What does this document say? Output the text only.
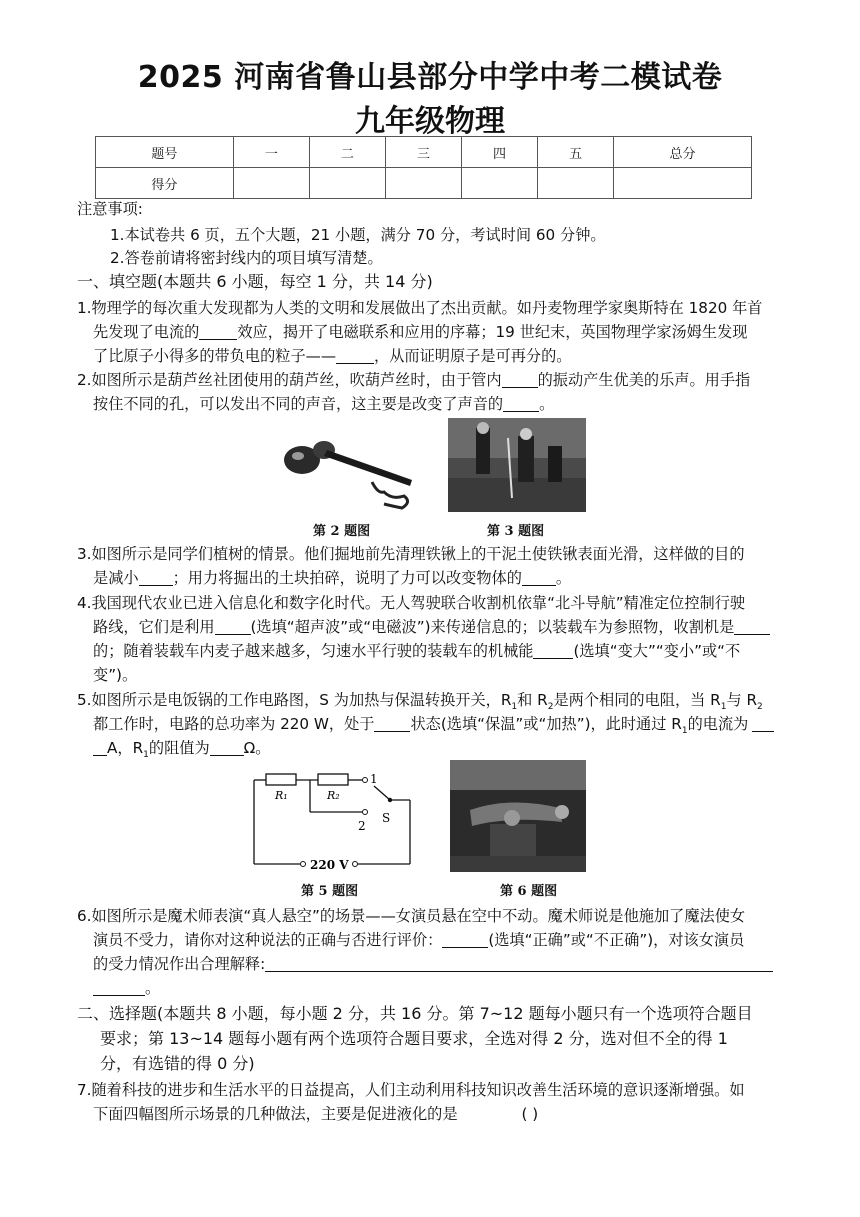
2025 河南省鲁山县部分中学中考二模试卷
九年级物理
题号	一	二	三	四	五	总分
得分						
注意事项:
1.本试卷共 6 页，五个大题，21 小题，满分 70 分，考试时间 60 分钟。
2.答卷前请将密封线内的项目填写清楚。
一、填空题(本题共 6 小题，每空 1 分，共 14 分)
1.物理学的每次重大发现都为人类的文明和发展做出了杰出贡献。如丹麦物理学家奥斯特在 1820 年首
先发现了电流的	效应，揭开了电磁联系和应用的序幕；19 世纪末，英国物理学家汤姆生发现
了比原子小得多的带负电的粒子——	，从而证明原子是可再分的。
2.如图所示是葫芦丝社团使用的葫芦丝，吹葫芦丝时，由于管内 的振动产生优美的乐声。用手指
按住不同的孔，可以发出不同的声音，这主要是改变了声音的 。
第 2 题图	第 3 题图
3.如图所示是同学们植树的情景。他们掘地前先清理铁锹上的干泥土使铁锹表面光滑，这样做的目的
是减小 ；用力将掘出的土块拍碎，说明了力可以改变物体的 。
4.我国现代农业已进入信息化和数字化时代。无人驾驶联合收割机依靠“北斗导航”精准定位控制行驶
路线，它们是利用 (选填“超声波”或“电磁波”)来传递信息的；以装载车为参照物，收割机是
的；随着装载车内麦子越来越多，匀速水平行驶的装载车的机械能	(选填“变大”“变小”或“不
变”)。
5.如图所示是电饭锅的工作电路图，S 为加热与保温转换开关，$R_1$和 $R_2$是两个相同的电阻，当 $R_1$与 $R_2$
都工作时，电路的总功率为 220 W，处于 状态(选填“保温”或“加热”)，此时通过 $R_1$的电流为
A，$R_1$的阻值为 Ω。
R₁	R₂
1
2
S
220 V
第 5 题图	第 6 题图
6.如图所示是魔术师表演“真人悬空”的场景——女演员悬在空中不动。魔术师说是他施加了魔法使女
演员不受力，请你对这种说法的正确与否进行评价：	(选填“正确”或“不正确”)，对该女演员
的受力情况作出合理解释:
。
二、选择题(本题共 8 小题，每小题 2 分，共 16 分。第 7~12 题每小题只有一个选项符合题目
要求；第 13~14 题每小题有两个选项符合题目要求，全选对得 2 分，选对但不全的得 1
分，有选错的得 0 分)
7.随着科技的进步和生活水平的日益提高，人们主动利用科技知识改善生活环境的意识逐渐增强。如
下面四幅图所示场景的几种做法，主要是促进液化的是	( )
